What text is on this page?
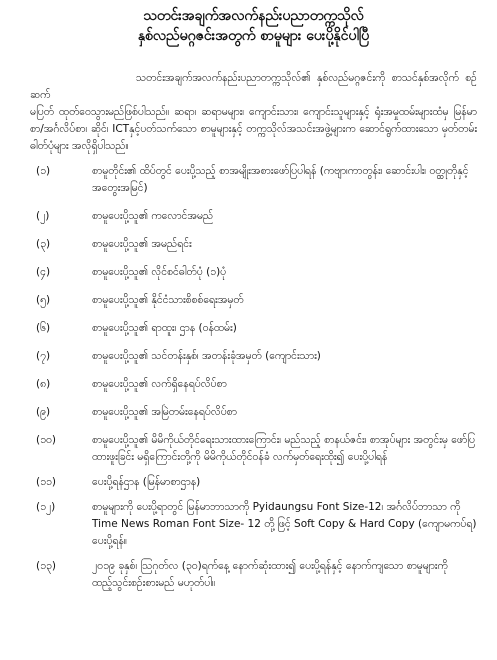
သတင်းအချက်အလက်နည်းပညာတက္ကသိုလ်
နှစ်လည်မဂ္ဂဇင်းအတွက် စာမူများ ပေးပို့နိုင်ပါပြီ

သတင်းအချက်အလက်နည်းပညာတက္ကသိုလ်၏ နှစ်လည်မဂ္ဂဇင်းကို စာသင်နှစ်အလိုက် စဉ်ဆက်
မပြတ် ထုတ်ဝေသွားမည်ဖြစ်ပါသည်။ ဆရာ၊ ဆရာမများ၊ ကျောင်းသား၊ ကျောင်းသူများနှင့် ရုံးအမှုထမ်းများထံမှ မြန်မာစာ/အင်္ဂလိပ်စာ၊ ဆိုင်၊ ICTနှင့်ပတ်သက်သော စာမူများနှင့် တက္ကသိုလ်အသင်းအဖွဲ့များက ဆောင်ရွက်ထားသော မှတ်တမ်းဓါတ်ပုံများ အလိုရှိပါသည်။

(၁)	စာမူတိုင်း၏ ထိပ်တွင် ပေးပို့သည့် စာအမျိုးအစားဖော်ပြပါရန် (ကဗျာ၊ကာတွန်း၊ ဆောင်းပါး၊ ဝတ္ထုတိုနှင့်အတွေးအမြင်)
(၂)	စာမူပေးပို့သူ၏ ကလောင်အမည်
(၃)	စာမူပေးပို့သူ၏ အမည်ရင်း
(၄)	စာမူပေးပို့သူ၏ လိုင်စင်ဓါတ်ပုံ (၁)ပုံ
(၅)	စာမူပေးပို့သူ၏ နိုင်ငံသားစိစစ်ရေးအမှတ်
(၆)	စာမူပေးပို့သူ၏ ရာထူး၊ ဌာန (ဝန်ထမ်း)
(၇)	စာမူပေးပို့သူ၏ သင်တန်းနှစ်၊ အတန်းခုံအမှတ် (ကျောင်းသား)
(၈)	စာမူပေးပို့သူ၏ လက်ရှိနေရပ်လိပ်စာ
(၉)	စာမူပေးပို့သူ၏ အမြဲတမ်းနေရပ်လိပ်စာ
(၁၀)	စာမူပေးပို့သူ၏ မိမိကိုယ်တိုင်ရေးသားထားကြောင်း၊ မည်သည့် စာနယ်ဇင်း၊ စာအုပ်များ အတွင်းမှ ဖော်ပြထားဖူးခြင်း မရှိကြောင်းတို့ကို မိမိကိုယ်တိုင်ဝန်ခံ လက်မှတ်ရေးထိုး၍ ပေးပို့ပါရန်
(၁၁)	ပေးပို့ရန်ဌာန (မြန်မာစာဌာန)
(၁၂)	စာမူများကို ပေးပို့ရာတွင် မြန်မာဘာသာကို Pyidaungsu Font Size-12၊ အင်္ဂလိပ်ဘာသာ ကို Time News Roman Font Size- 12 တို့ဖြင့် Soft Copy & Hard Copy (ကျောမကပ်ရ) ပေးပို့ရန်။
(၁၃)	၂၀၁၉ ခုနှစ်၊ ဩဂုတ်လ (၃၀)ရက်နေ့ နောက်ဆုံးထား၍ ပေးပို့ရန်နှင့် နောက်ကျသော စာမူများကို ထည့်သွင်းစဉ်းစားမည် မဟုတ်ပါ။
